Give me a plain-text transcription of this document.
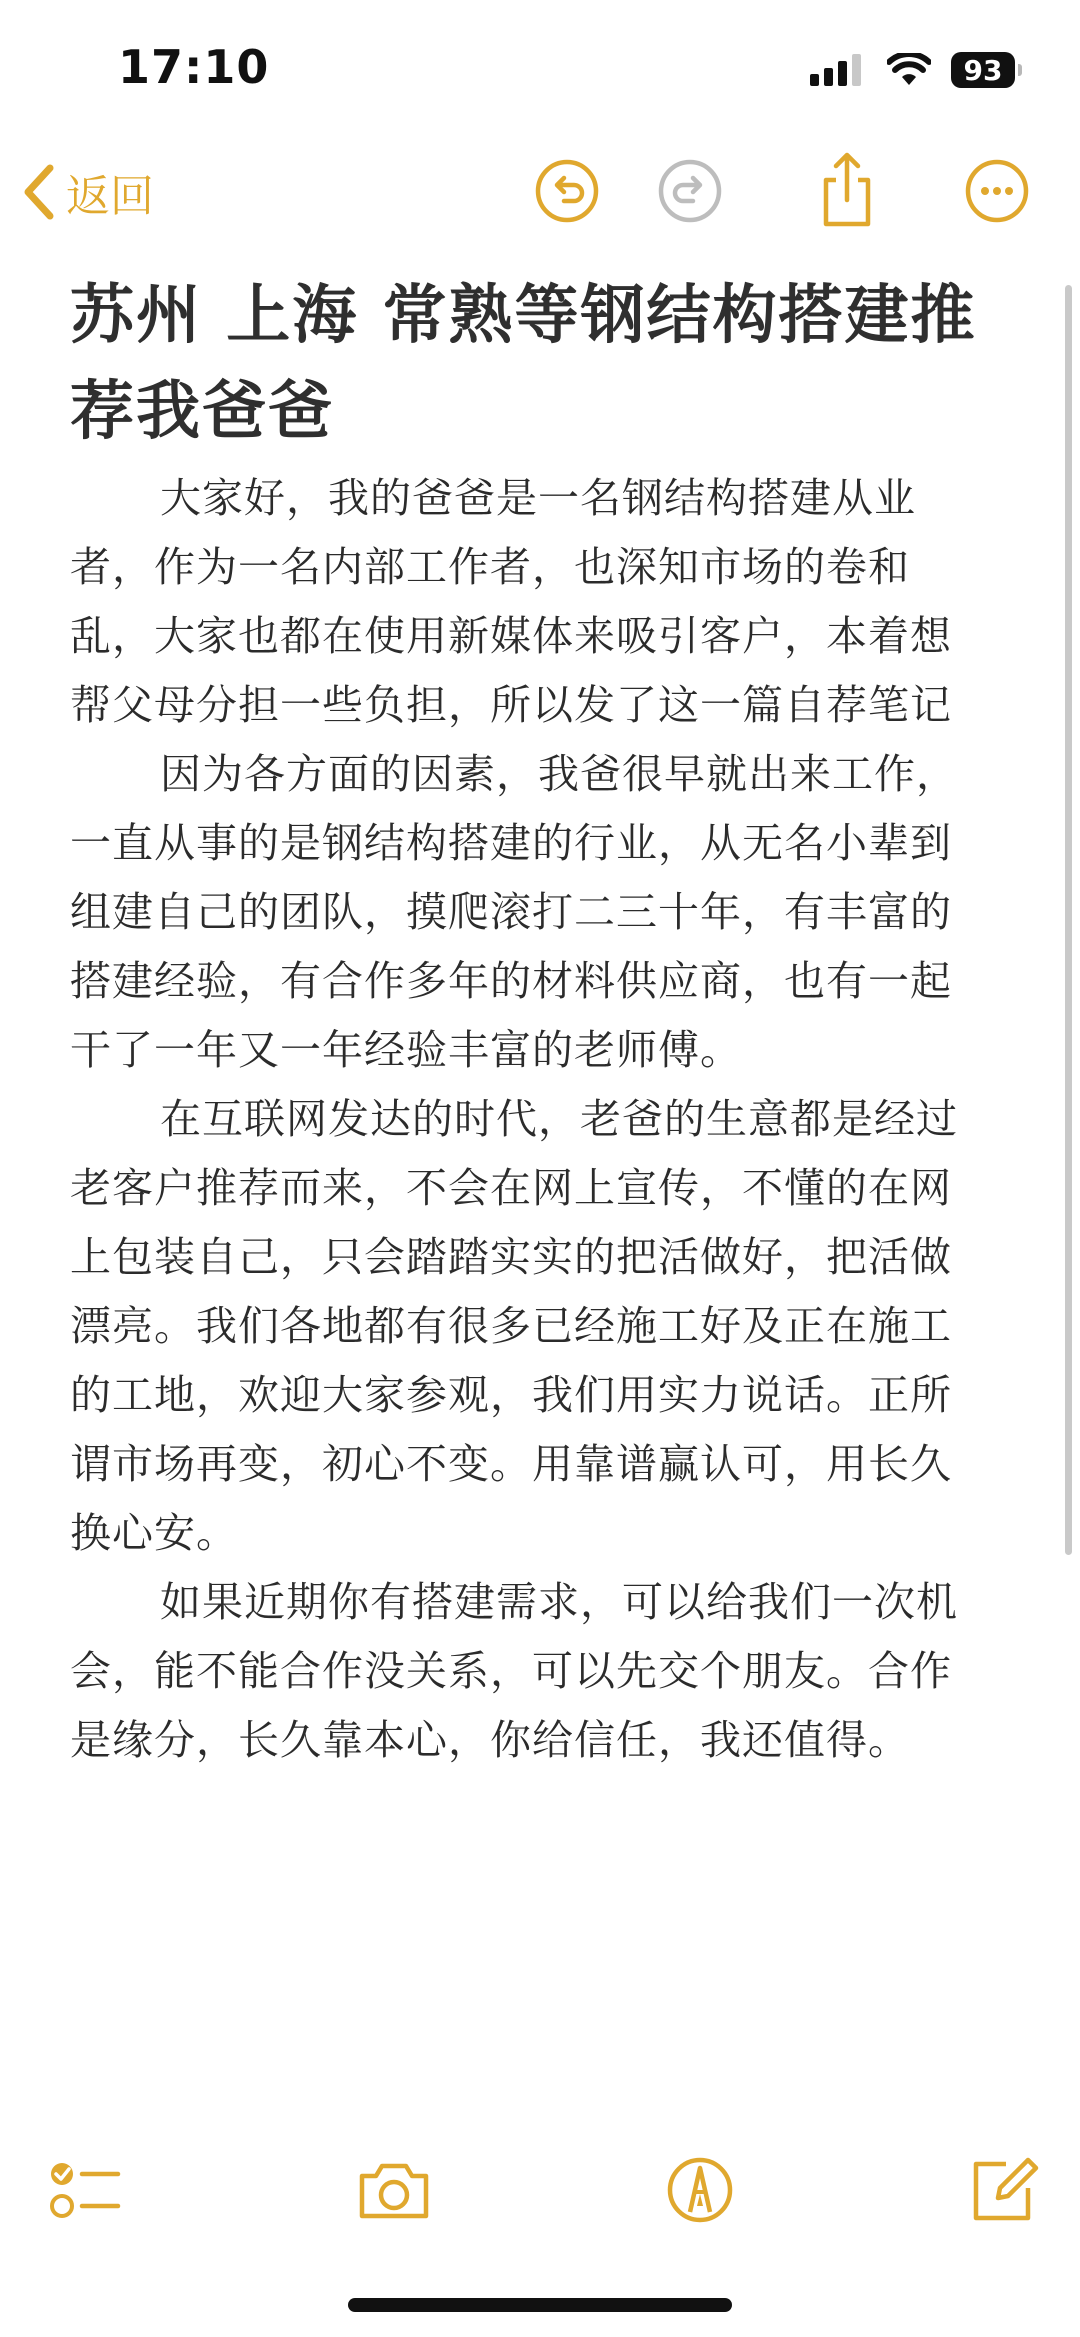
17:10	93
返回
苏州 上海 常熟等钢结构搭建推荐我爸爸

大家好，我的爸爸是一名钢结构搭建从业者，作为一名内部工作者，也深知市场的卷和乱，大家也都在使用新媒体来吸引客户，本着想帮父母分担一些负担，所以发了这一篇自荐笔记

因为各方面的因素，我爸很早就出来工作，一直从事的是钢结构搭建的行业，从无名小辈到组建自己的团队，摸爬滚打二三十年，有丰富的搭建经验，有合作多年的材料供应商，也有一起干了一年又一年经验丰富的老师傅。

在互联网发达的时代，老爸的生意都是经过老客户推荐而来，不会在网上宣传，不懂的在网上包装自己，只会踏踏实实的把活做好，把活做漂亮。我们各地都有很多已经施工好及正在施工的工地，欢迎大家参观，我们用实力说话。正所谓市场再变，初心不变。用靠谱赢认可，用长久换心安。

如果近期你有搭建需求，可以给我们一次机会，能不能合作没关系，可以先交个朋友。合作是缘分，长久靠本心，你给信任，我还值得。
